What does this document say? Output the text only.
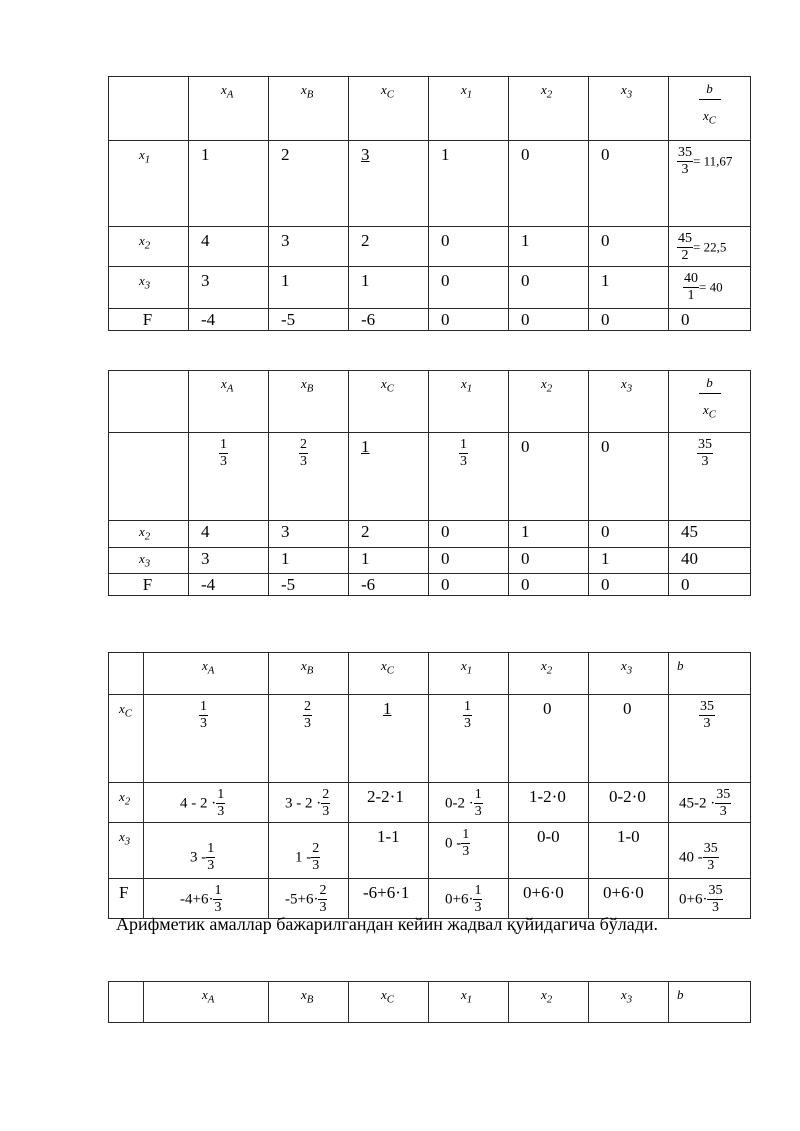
	$x_A$	$x_B$	$x_C$	$x_1$	$x_2$	$x_3$	b
$x_C$

$x_1$	1	2	3	1	0	0	$\frac{35}{3} = 11,67$
$x_2$	4	3	2	0	1	0	$\frac{45}{2} = 22,5$
$x_3$	3	1	1	0	0	1	$\frac{40}{1} = 40$
F	-4	-5	-6	0	0	0	0
	$x_A$	$x_B$	$x_C$	$x_1$	$x_2$	$x_3$	b
$x_C$

	$\frac{1}{3}$	$\frac{2}{3}$	1	$\frac{1}{3}$	0	0	$\frac{35}{3}$

$x_2$	4	3	2	0	1	0	45
$x_3$	3	1	1	0	0	1	40
F	-4	-5	-6	0	0	0	0
	$x_A$	$x_B$	$x_C$	$x_1$	$x_2$	$x_3$	b
$x_C$	$\frac{1}{3}$	$\frac{2}{3}$	1	$\frac{1}{3}$	0	0	$\frac{35}{3}$

$x_2$	$4 - 2 \cdot \frac{1}{3}$	$3 - 2 \cdot \frac{2}{3}$	2-2·1	$0-2 \cdot \frac{1}{3}$	1-2·0	0-2·0	$45-2 \cdot \frac{35}{3}$

$x_3$	$3 - \frac{1}{3}$	$1 - \frac{2}{3}$	1-1	$0 - \frac{1}{3}$	0-0	1-0	$40 - \frac{35}{3}$

F	$-4+6\cdot \frac{1}{3}$	$-5+6\cdot \frac{2}{3}$	-6+6·1	$0+6\cdot \frac{1}{3}$	0+6·0	0+6·0	$0+6\cdot \frac{35}{3}$

Арифметик амаллар бажарилгандан кейин жадвал қуйидагича бўлади.

	$x_A$	$x_B$	$x_C$	$x_1$	$x_2$	$x_3$	b
